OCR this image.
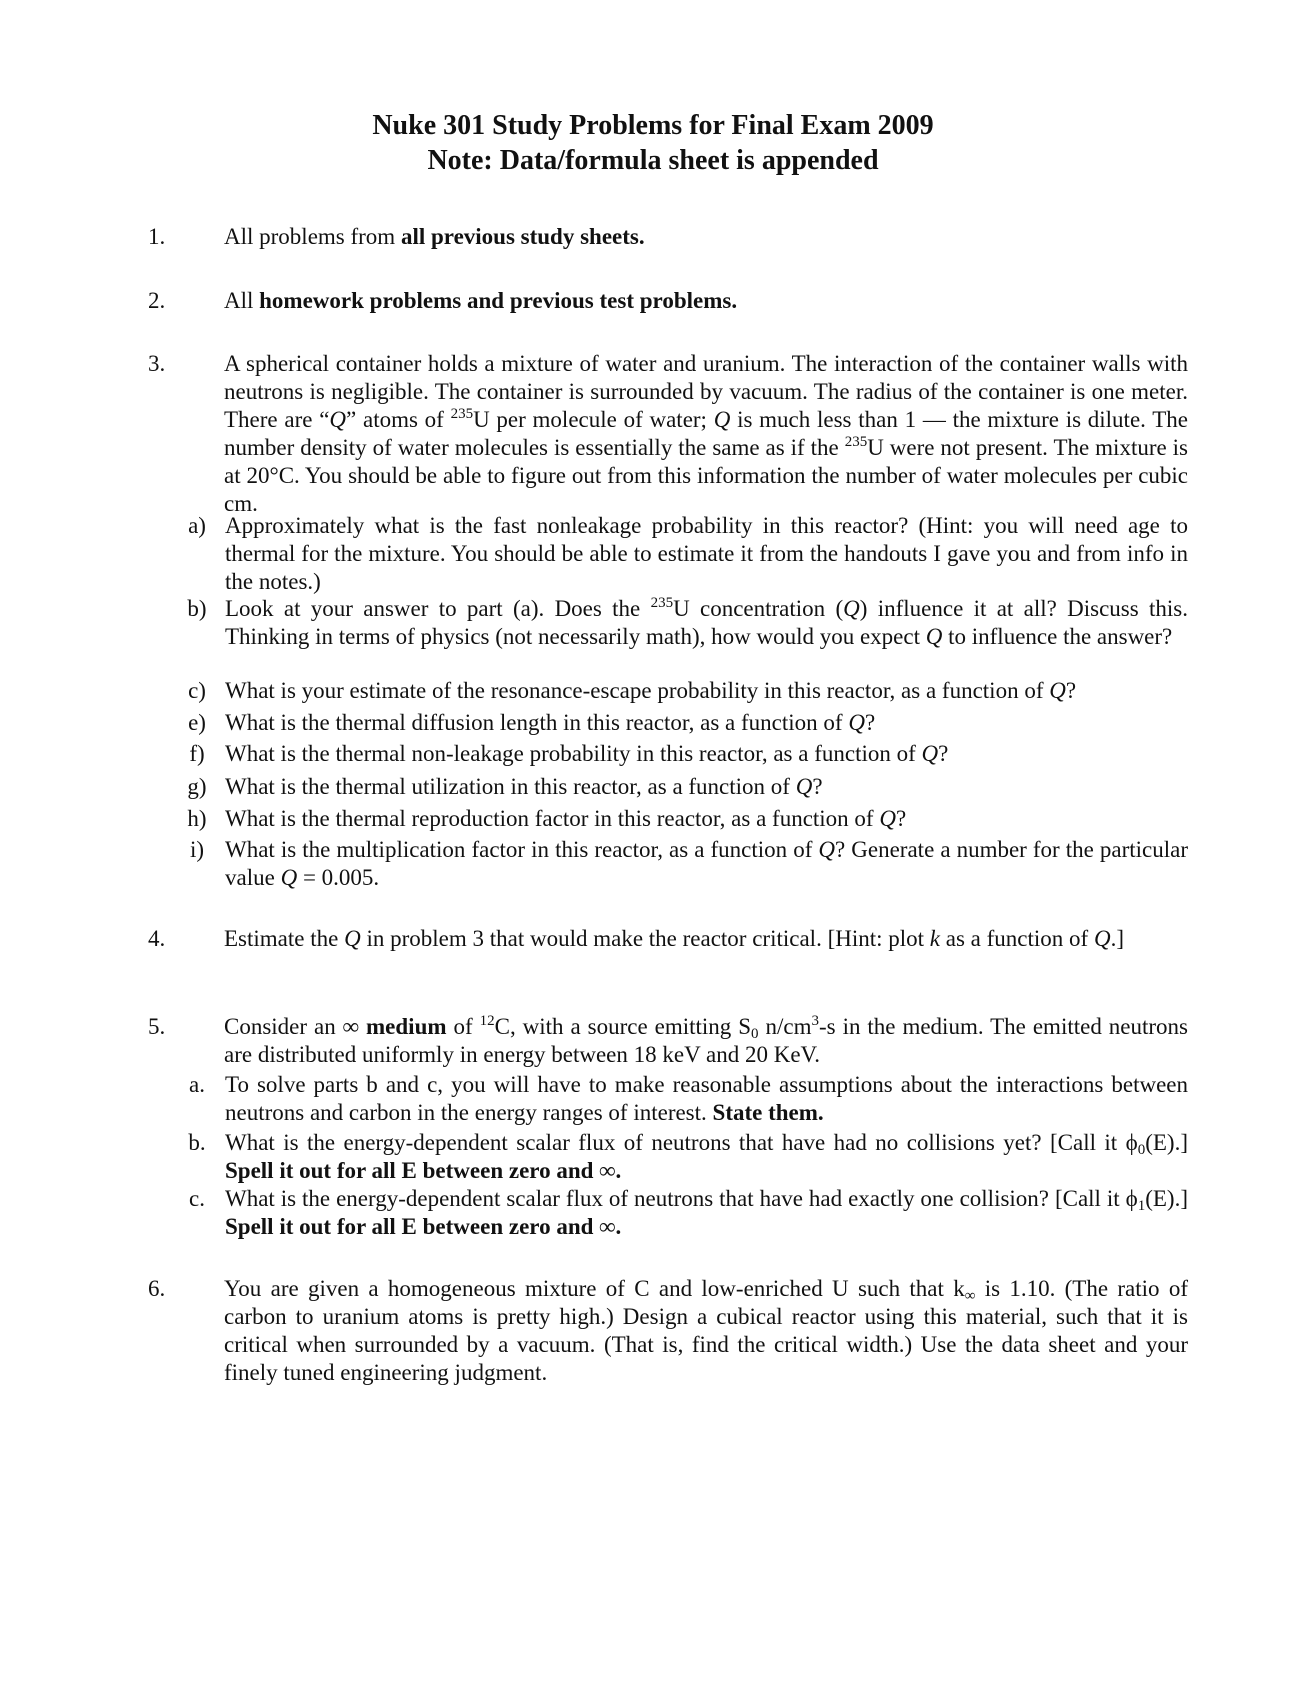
Nuke 301 Study Problems for Final Exam 2009
Note: Data/formula sheet is appended
1.	All problems from all previous study sheets.
2.	All homework problems and previous test problems.
3.	A spherical container holds a mixture of water and uranium. The interaction of the container walls with neutrons is negligible. The container is surrounded by vacuum. The radius of the container is one meter. There are “Q” atoms of $^{235}$U per molecule of water; Q is much less than 1 — the mixture is dilute. The number density of water molecules is essentially the same as if the $^{235}$U were not present. The mixture is at 20°C. You should be able to figure out from this information the number of water molecules per cubic cm.
a) Approximately what is the fast nonleakage probability in this reactor? (Hint: you will need age to thermal for the mixture. You should be able to estimate it from the handouts I gave you and from info in the notes.)
b) Look at your answer to part (a). Does the $^{235}$U concentration (Q) influence it at all? Discuss this. Thinking in terms of physics (not necessarily math), how would you expect Q to influence the answer?
c) What is your estimate of the resonance-escape probability in this reactor, as a function of Q?
e) What is the thermal diffusion length in this reactor, as a function of Q?
f) What is the thermal non-leakage probability in this reactor, as a function of Q?
g) What is the thermal utilization in this reactor, as a function of Q?
h) What is the thermal reproduction factor in this reactor, as a function of Q?
i) What is the multiplication factor in this reactor, as a function of Q? Generate a number for the particular value Q = 0.005.
4.	Estimate the Q in problem 3 that would make the reactor critical. [Hint: plot k as a function of Q.]
5.	Consider an ∞ medium of $^{12}$C, with a source emitting $S_0$ $n/cm^3-s$ in the medium. The emitted neutrons are distributed uniformly in energy between 18 keV and 20 KeV.
a. To solve parts b and c, you will have to make reasonable assumptions about the interactions between neutrons and carbon in the energy ranges of interest. State them.
b. What is the energy-dependent scalar flux of neutrons that have had no collisions yet? [Call it $\phi_0(E)$.] Spell it out for all E between zero and ∞.
c. What is the energy-dependent scalar flux of neutrons that have had exactly one collision? [Call it $\phi_1(E)$.] Spell it out for all E between zero and ∞.
6.	You are given a homogeneous mixture of C and low-enriched U such that $k_\infty$ is 1.10. (The ratio of carbon to uranium atoms is pretty high.) Design a cubical reactor using this material, such that it is critical when surrounded by a vacuum. (That is, find the critical width.) Use the data sheet and your finely tuned engineering judgment.
